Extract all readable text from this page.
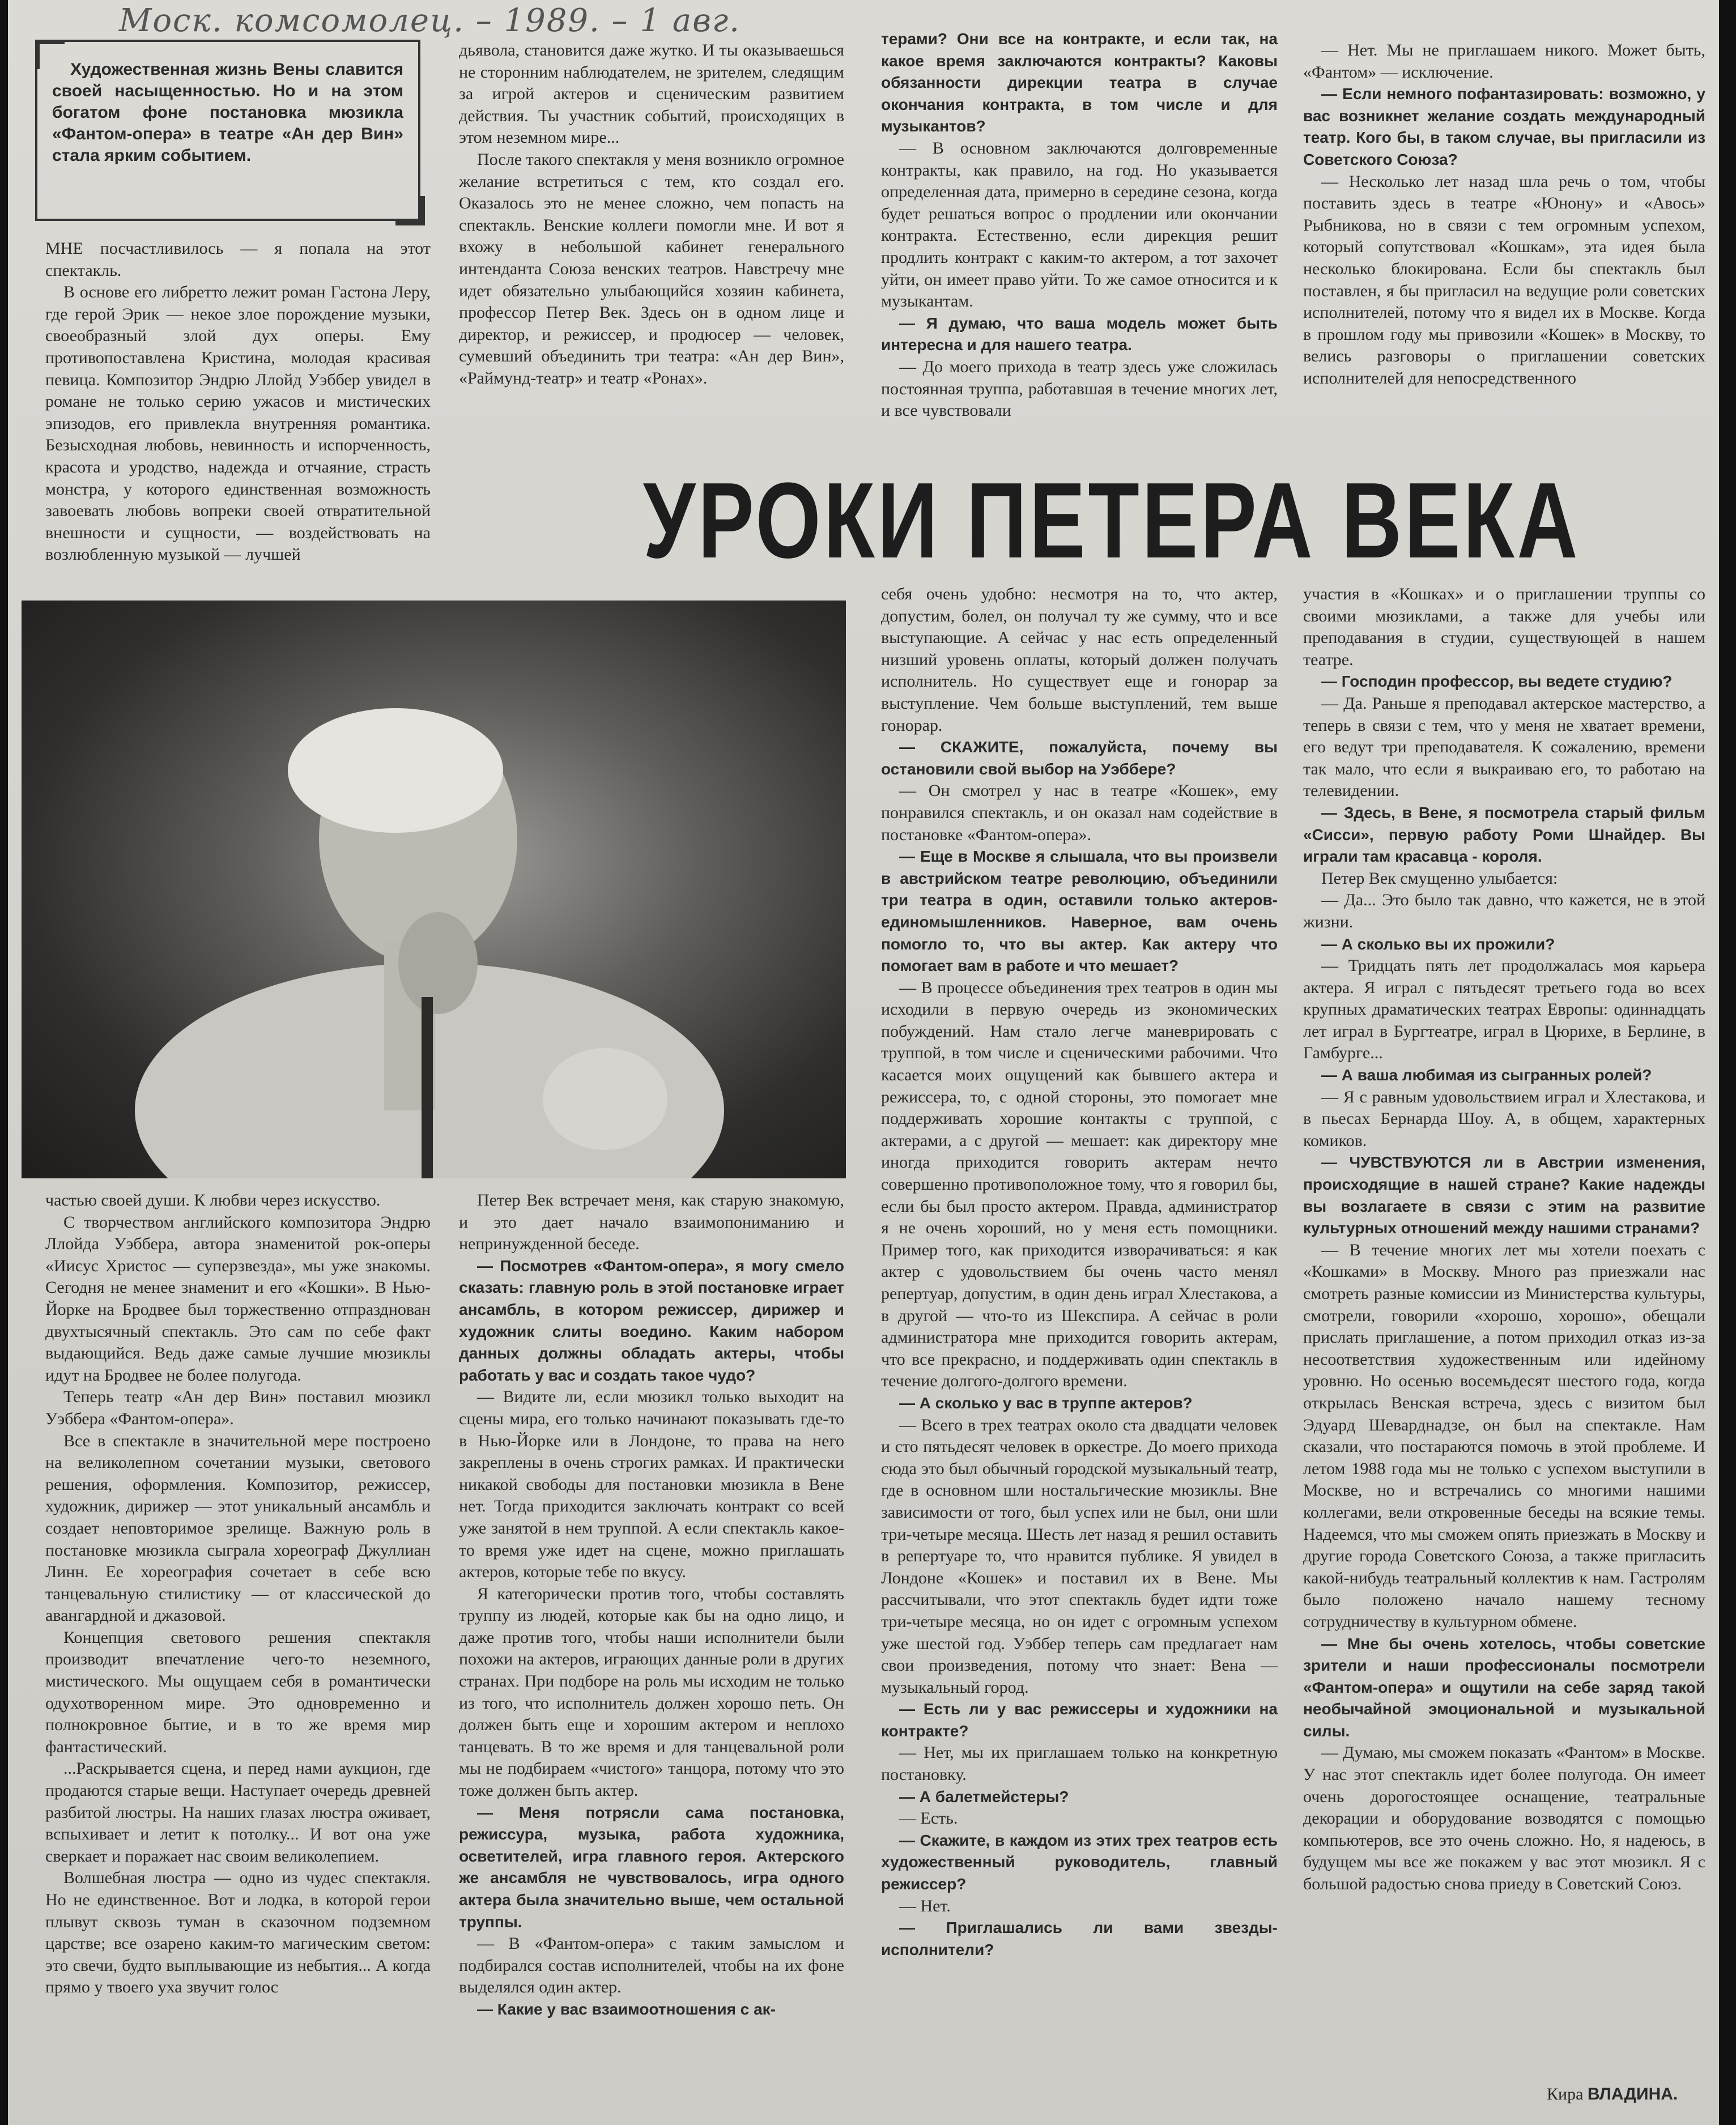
Моск. комсомолец. – 1989. – 1 авг.

Художественная жизнь Вены славится своей насыщенностью. Но и на этом богатом фоне постановка мюзикла «Фантом-опера» в театре «Ан дер Вин» стала ярким событием.

МНЕ посчастливилось — я попала на этот спектакль.

В основе его либретто лежит роман Гастона Леру, где герой Эрик — некое злое порождение музыки, своеобразный злой дух оперы. Ему противопоставлена Кристина, молодая красивая певица. Композитор Эндрю Ллойд Уэббер увидел в романе не только серию ужасов и мистических эпизодов, его привлекла внутренняя романтика. Безысходная любовь, невинность и испорченность, красота и уродство, надежда и отчаяние, страсть монстра, у которого единственная возможность завоевать любовь вопреки своей отвратительной внешности и сущности, — воздействовать на возлюбленную музыкой — лучшей

дьявола, становится даже жутко. И ты оказываешься не сторонним наблюдателем, не зрителем, следящим за игрой актеров и сценическим развитием действия. Ты участник событий, происходящих в этом неземном мире...

После такого спектакля у меня возникло огромное желание встретиться с тем, кто создал его. Оказалось это не менее сложно, чем попасть на спектакль. Венские коллеги помогли мне. И вот я вхожу в небольшой кабинет генерального интенданта Союза венских театров. Навстречу мне идет обязательно улыбающийся хозяин кабинета, профессор Петер Век. Здесь он в одном лице и директор, и режиссер, и продюсер — человек, сумевший объединить три театра: «Ан дер Вин», «Раймунд-театр» и театр «Ронах».

терами? Они все на контракте, и если так, на какое время заключаются контракты? Каковы обязанности дирекции театра в случае окончания контракта, в том числе и для музыкантов?

— В основном заключаются долговременные контракты, как правило, на год. Но указывается определенная дата, примерно в середине сезона, когда будет решаться вопрос о продлении или окончании контракта. Естественно, если дирекция решит продлить контракт с каким-то актером, а тот захочет уйти, он имеет право уйти. То же самое относится и к музыкантам.

— Я думаю, что ваша модель может быть интересна и для нашего театра.

— До моего прихода в театр здесь уже сложилась постоянная труппа, работавшая в течение многих лет, и все чувствовали

— Нет. Мы не приглашаем никого. Может быть, «Фантом» — исключение.

— Если немного пофантазировать: возможно, у вас возникнет желание создать международный театр. Кого бы, в таком случае, вы пригласили из Советского Союза?

— Несколько лет назад шла речь о том, чтобы поставить здесь в театре «Юнону» и «Авось» Рыбникова, но в связи с тем огромным успехом, который сопутствовал «Кошкам», эта идея была несколько блокирована. Если бы спектакль был поставлен, я бы пригласил на ведущие роли советских исполнителей, потому что я видел их в Москве. Когда в прошлом году мы привозили «Кошек» в Москву, то велись разговоры о приглашении советских исполнителей для непосредственного

УРОКИ ПЕТЕРА ВЕКА

частью своей души. К любви через искусство.

С творчеством английского композитора Эндрю Ллойда Уэббера, автора знаменитой рок-оперы «Иисус Христос — суперзвезда», мы уже знакомы. Сегодня не менее знаменит и его «Кошки». В Нью-Йорке на Бродвее был торжественно отпразднован двухтысячный спектакль. Это сам по себе факт выдающийся. Ведь даже самые лучшие мюзиклы идут на Бродвее не более полугода.

Теперь театр «Ан дер Вин» поставил мюзикл Уэббера «Фантом-опера».

Все в спектакле в значительной мере построено на великолепном сочетании музыки, светового решения, оформления. Композитор, режиссер, художник, дирижер — этот уникальный ансамбль и создает неповторимое зрелище. Важную роль в постановке мюзикла сыграла хореограф Джуллиан Линн. Ее хореография сочетает в себе всю танцевальную стилистику — от классической до авангардной и джазовой.

Концепция светового решения спектакля производит впечатление чего-то неземного, мистического. Мы ощущаем себя в романтически одухотворенном мире. Это одновременно и полнокровное бытие, и в то же время мир фантастический.

...Раскрывается сцена, и перед нами аукцион, где продаются старые вещи. Наступает очередь древней разбитой люстры. На наших глазах люстра оживает, вспыхивает и летит к потолку... И вот она уже сверкает и поражает нас своим великолепием.

Волшебная люстра — одно из чудес спектакля. Но не единственное. Вот и лодка, в которой герои плывут сквозь туман в сказочном подземном царстве; все озарено каким-то магическим светом: это свечи, будто выплывающие из небытия... А когда прямо у твоего уха звучит голос

Петер Век встречает меня, как старую знакомую, и это дает начало взаимопониманию и непринужденной беседе.

— Посмотрев «Фантом-опера», я могу смело сказать: главную роль в этой постановке играет ансамбль, в котором режиссер, дирижер и художник слиты воедино. Каким набором данных должны обладать актеры, чтобы работать у вас и создать такое чудо?

— Видите ли, если мюзикл только выходит на сцены мира, его только начинают показывать где-то в Нью-Йорке или в Лондоне, то права на него закреплены в очень строгих рамках. И практически никакой свободы для постановки мюзикла в Вене нет. Тогда приходится заключать контракт со всей уже занятой в нем труппой. А если спектакль какое-то время уже идет на сцене, можно приглашать актеров, которые тебе по вкусу.

Я категорически против того, чтобы составлять труппу из людей, которые как бы на одно лицо, и даже против того, чтобы наши исполнители были похожи на актеров, играющих данные роли в других странах. При подборе на роль мы исходим не только из того, что исполнитель должен хорошо петь. Он должен быть еще и хорошим актером и неплохо танцевать. В то же время и для танцевальной роли мы не подбираем «чистого» танцора, потому что это тоже должен быть актер.

— Меня потрясли сама постановка, режиссура, музыка, работа художника, осветителей, игра главного героя. Актерского же ансамбля не чувствовалось, игра одного актера была значительно выше, чем остальной труппы.

— В «Фантом-опера» с таким замыслом и подбирался состав исполнителей, чтобы на их фоне выделялся один актер.

— Какие у вас взаимоотношения с ак-

себя очень удобно: несмотря на то, что актер, допустим, болел, он получал ту же сумму, что и все выступающие. А сейчас у нас есть определенный низший уровень оплаты, который должен получать исполнитель. Но существует еще и гонорар за выступление. Чем больше выступлений, тем выше гонорар.

— СКАЖИТЕ, пожалуйста, почему вы остановили свой выбор на Уэббере?

— Он смотрел у нас в театре «Кошек», ему понравился спектакль, и он оказал нам содействие в постановке «Фантом-опера».

— Еще в Москве я слышала, что вы произвели в австрийском театре революцию, объединили три театра в один, оставили только актеров-единомышленников. Наверное, вам очень помогло то, что вы актер. Как актеру что помогает вам в работе и что мешает?

— В процессе объединения трех театров в один мы исходили в первую очередь из экономических побуждений. Нам стало легче маневрировать с труппой, в том числе и сценическими рабочими. Что касается моих ощущений как бывшего актера и режиссера, то, с одной стороны, это помогает мне поддерживать хорошие контакты с труппой, с актерами, а с другой — мешает: как директору мне иногда приходится говорить актерам нечто совершенно противоположное тому, что я говорил бы, если бы был просто актером. Правда, администратор я не очень хороший, но у меня есть помощники. Пример того, как приходится изворачиваться: я как актер с удовольствием бы очень часто менял репертуар, допустим, в один день играл Хлестакова, а в другой — что-то из Шекспира. А сейчас в роли администратора мне приходится говорить актерам, что все прекрасно, и поддерживать один спектакль в течение долгого-долгого времени.

— А сколько у вас в труппе актеров?

— Всего в трех театрах около ста двадцати человек и сто пятьдесят человек в оркестре. До моего прихода сюда это был обычный городской музыкальный театр, где в основном шли ностальгические мюзиклы. Вне зависимости от того, был успех или не был, они шли три-четыре месяца. Шесть лет назад я решил оставить в репертуаре то, что нравится публике. Я увидел в Лондоне «Кошек» и поставил их в Вене. Мы рассчитывали, что этот спектакль будет идти тоже три-четыре месяца, но он идет с огромным успехом уже шестой год. Уэббер теперь сам предлагает нам свои произведения, потому что знает: Вена — музыкальный город.

— Есть ли у вас режиссеры и художники на контракте?

— Нет, мы их приглашаем только на конкретную постановку.

— А балетмейстеры?

— Есть.

— Скажите, в каждом из этих трех театров есть художественный руководитель, главный режиссер?

— Нет.

— Приглашались ли вами звезды-исполнители?

участия в «Кошках» и о приглашении труппы со своими мюзиклами, а также для учебы или преподавания в студии, существующей в нашем театре.

— Господин профессор, вы ведете студию?

— Да. Раньше я преподавал актерское мастерство, а теперь в связи с тем, что у меня не хватает времени, его ведут три преподавателя. К сожалению, времени так мало, что если я выкраиваю его, то работаю на телевидении.

— Здесь, в Вене, я посмотрела старый фильм «Сисси», первую работу Роми Шнайдер. Вы играли там красавца - короля.

Петер Век смущенно улыбается:

— Да... Это было так давно, что кажется, не в этой жизни.

— А сколько вы их прожили?

— Тридцать пять лет продолжалась моя карьера актера. Я играл с пятьдесят третьего года во всех крупных драматических театрах Европы: одиннадцать лет играл в Бургтеатре, играл в Цюрихе, в Берлине, в Гамбурге...

— А ваша любимая из сыгранных ролей?

— Я с равным удовольствием играл и Хлестакова, и в пьесах Бернарда Шоу. А, в общем, характерных комиков.

— ЧУВСТВУЮТСЯ ли в Австрии изменения, происходящие в нашей стране? Какие надежды вы возлагаете в связи с этим на развитие культурных отношений между нашими странами?

— В течение многих лет мы хотели поехать с «Кошками» в Москву. Много раз приезжали нас смотреть разные комиссии из Министерства культуры, смотрели, говорили «хорошо, хорошо», обещали прислать приглашение, а потом приходил отказ из-за несоответствия художественным или идейному уровню. Но осенью восемьдесят шестого года, когда открылась Венская встреча, здесь с визитом был Эдуард Шеварднадзе, он был на спектакле. Нам сказали, что постараются помочь в этой проблеме. И летом 1988 года мы не только с успехом выступили в Москве, но и встречались со многими нашими коллегами, вели откровенные беседы на всякие темы. Надеемся, что мы сможем опять приезжать в Москву и другие города Советского Союза, а также пригласить какой-нибудь театральный коллектив к нам. Гастролям было положено начало нашему тесному сотрудничеству в культурном обмене.

— Мне бы очень хотелось, чтобы советские зрители и наши профессионалы посмотрели «Фантом-опера» и ощутили на себе заряд такой необычайной эмоциональной и музыкальной силы.

— Думаю, мы сможем показать «Фантом» в Москве. У нас этот спектакль идет более полугода. Он имеет очень дорогостоящее оснащение, театральные декорации и оборудование возводятся с помощью компьютеров, все это очень сложно. Но, я надеюсь, в будущем мы все же покажем у вас этот мюзикл. Я с большой радостью снова приеду в Советский Союз.

Кира ВЛАДИНА.
